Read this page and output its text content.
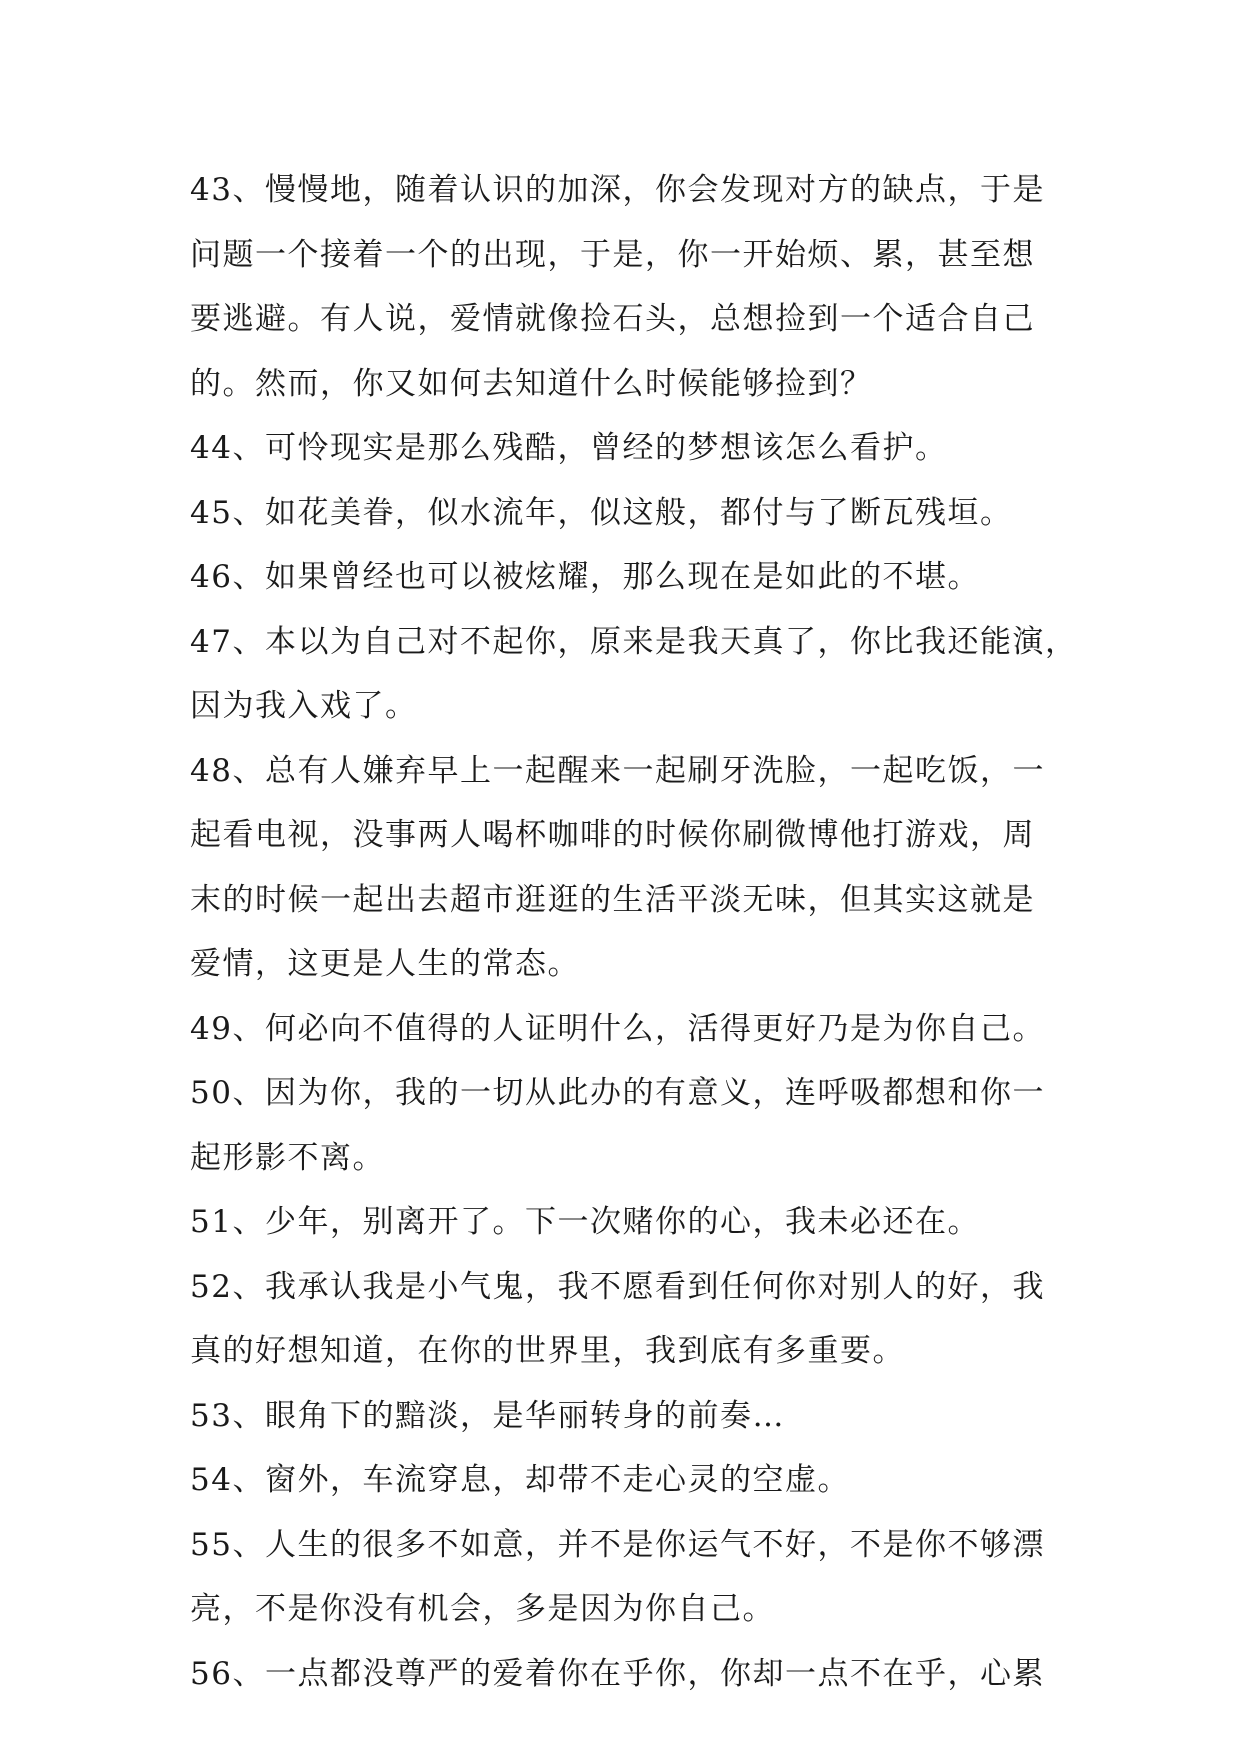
43、慢慢地，随着认识的加深，你会发现对方的缺点，于是
问题一个接着一个的出现，于是，你一开始烦、累，甚至想
要逃避。有人说，爱情就像捡石头，总想捡到一个适合自己
的。然而，你又如何去知道什么时候能够捡到？
44、可怜现实是那么残酷，曾经的梦想该怎么看护。
45、如花美眷，似水流年，似这般，都付与了断瓦残垣。
46、如果曾经也可以被炫耀，那么现在是如此的不堪。
47、本以为自己对不起你，原来是我天真了，你比我还能演，
因为我入戏了。
48、总有人嫌弃早上一起醒来一起刷牙洗脸，一起吃饭，一
起看电视，没事两人喝杯咖啡的时候你刷微博他打游戏，周
末的时候一起出去超市逛逛的生活平淡无味，但其实这就是
爱情，这更是人生的常态。
49、何必向不值得的人证明什么，活得更好乃是为你自己。
50、因为你，我的一切从此办的有意义，连呼吸都想和你一
起形影不离。
51、少年，别离开了。下一次赌你的心，我未必还在。
52、我承认我是小气鬼，我不愿看到任何你对别人的好，我
真的好想知道，在你的世界里，我到底有多重要。
53、眼角下的黯淡，是华丽转身的前奏…
54、窗外，车流穿息，却带不走心灵的空虚。
55、人生的很多不如意，并不是你运气不好，不是你不够漂
亮，不是你没有机会，多是因为你自己。
56、一点都没尊严的爱着你在乎你，你却一点不在乎，心累
